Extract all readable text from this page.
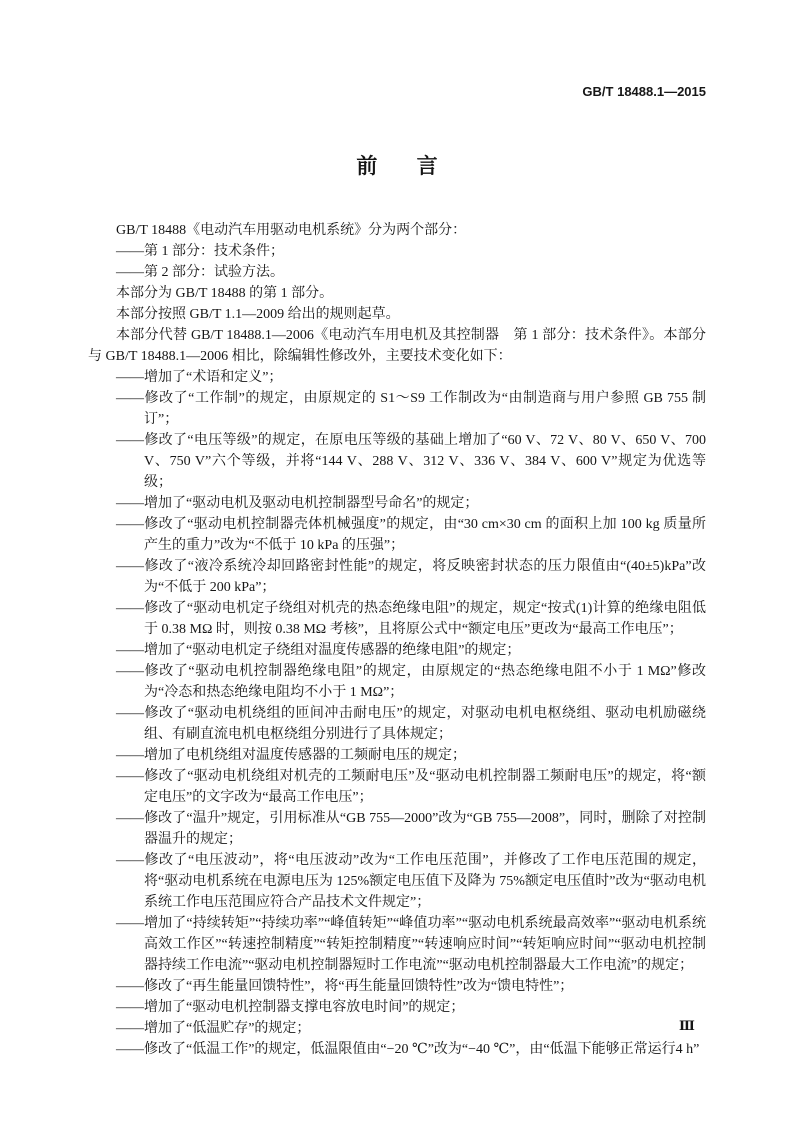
GB/T 18488.1—2015
前 言

GB/T 18488《电动汽车用驱动电机系统》分为两个部分：

——第 1 部分：技术条件；

——第 2 部分：试验方法。

本部分为 GB/T 18488 的第 1 部分。

本部分按照 GB/T 1.1—2009 给出的规则起草。

本部分代替 GB/T 18488.1—2006《电动汽车用电机及其控制器　第 1 部分：技术条件》。本部分与 GB/T 18488.1—2006 相比，除编辑性修改外，主要技术变化如下：

——增加了“术语和定义”；

——修改了“工作制”的规定，由原规定的 S1～S9 工作制改为“由制造商与用户参照 GB 755 制订”；

——修改了“电压等级”的规定，在原电压等级的基础上增加了“60 V、72 V、80 V、650 V、700 V、750 V”六个等级，并将“144 V、288 V、312 V、336 V、384 V、600 V”规定为优选等级；

——增加了“驱动电机及驱动电机控制器型号命名”的规定；

——修改了“驱动电机控制器壳体机械强度”的规定，由“30 cm×30 cm 的面积上加 100 kg 质量所产生的重力”改为“不低于 10 kPa 的压强”；

——修改了“液冷系统冷却回路密封性能”的规定，将反映密封状态的压力限值由“(40±5)kPa”改为“不低于 200 kPa”；

——修改了“驱动电机定子绕组对机壳的热态绝缘电阻”的规定，规定“按式(1)计算的绝缘电阻低于 0.38 MΩ 时，则按 0.38 MΩ 考核”，且将原公式中“额定电压”更改为“最高工作电压”；

——增加了“驱动电机定子绕组对温度传感器的绝缘电阻”的规定；

——修改了“驱动电机控制器绝缘电阻”的规定，由原规定的“热态绝缘电阻不小于 1 MΩ”修改为“冷态和热态绝缘电阻均不小于 1 MΩ”；

——修改了“驱动电机绕组的匝间冲击耐电压”的规定，对驱动电机电枢绕组、驱动电机励磁绕组、有刷直流电机电枢绕组分别进行了具体规定；

——增加了电机绕组对温度传感器的工频耐电压的规定；

——修改了“驱动电机绕组对机壳的工频耐电压”及“驱动电机控制器工频耐电压”的规定，将“额定电压”的文字改为“最高工作电压”；

——修改了“温升”规定，引用标准从“GB 755—2000”改为“GB 755—2008”，同时，删除了对控制器温升的规定；

——修改了“电压波动”，将“电压波动”改为“工作电压范围”，并修改了工作电压范围的规定，将“驱动电机系统在电源电压为 125%额定电压值下及降为 75%额定电压值时”改为“驱动电机系统工作电压范围应符合产品技术文件规定”；

——增加了“持续转矩”“持续功率”“峰值转矩”“峰值功率”“驱动电机系统最高效率”“驱动电机系统高效工作区”“转速控制精度”“转矩控制精度”“转速响应时间”“转矩响应时间”“驱动电机控制器持续工作电流”“驱动电机控制器短时工作电流”“驱动电机控制器最大工作电流”的规定；

——修改了“再生能量回馈特性”，将“再生能量回馈特性”改为“馈电特性”；

——增加了“驱动电机控制器支撑电容放电时间”的规定；

——增加了“低温贮存”的规定；

——修改了“低温工作”的规定，低温限值由“−20 ℃”改为“−40 ℃”，由“低温下能够正常运行4 h”

Ⅲ
